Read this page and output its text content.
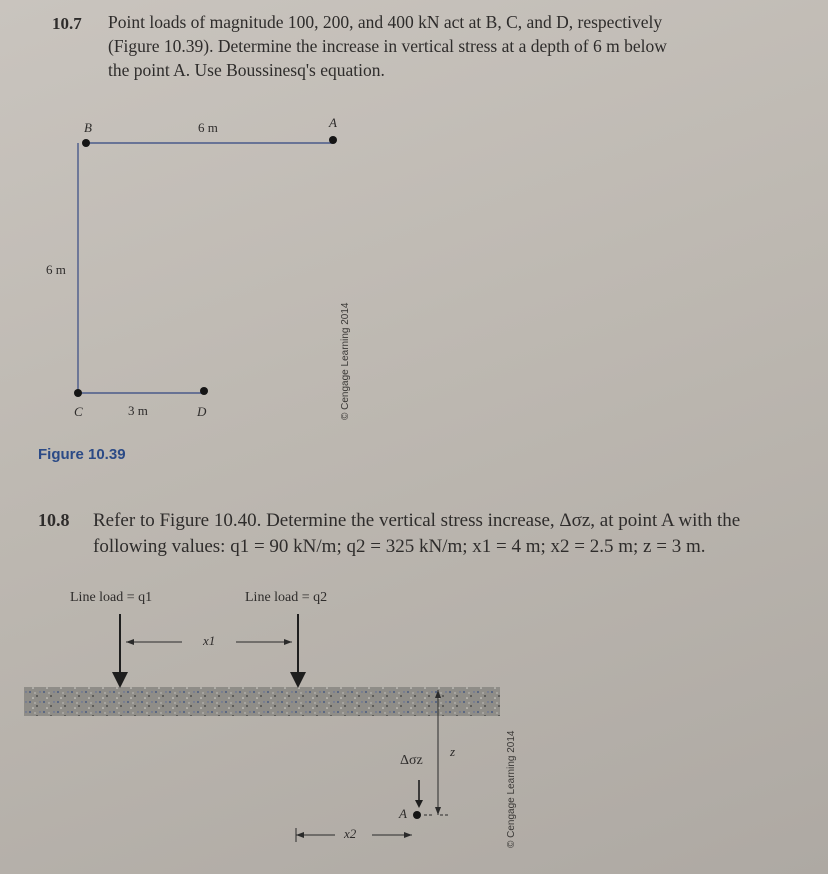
10.7 Point loads of magnitude 100, 200, and 400 kN act at B, C, and D, respectively
(Figure 10.39). Determine the increase in vertical stress at a depth of 6 m below
the point A. Use Boussinesq's equation.
B	A
6 m
6 m
C	3 m	D	© Cengage Learning 2014
Figure 10.39
10.8 Refer to Figure 10.40. Determine the vertical stress increase, Δσz, at point A with the
following values: q1 = 90 kN/m; q2 = 325 kN/m; x1 = 4 m; x2 = 2.5 m; z = 3 m.
Line load = q1	Line load = q2
x1
z
Δσz
A
x2	© Cengage Learning 2014
